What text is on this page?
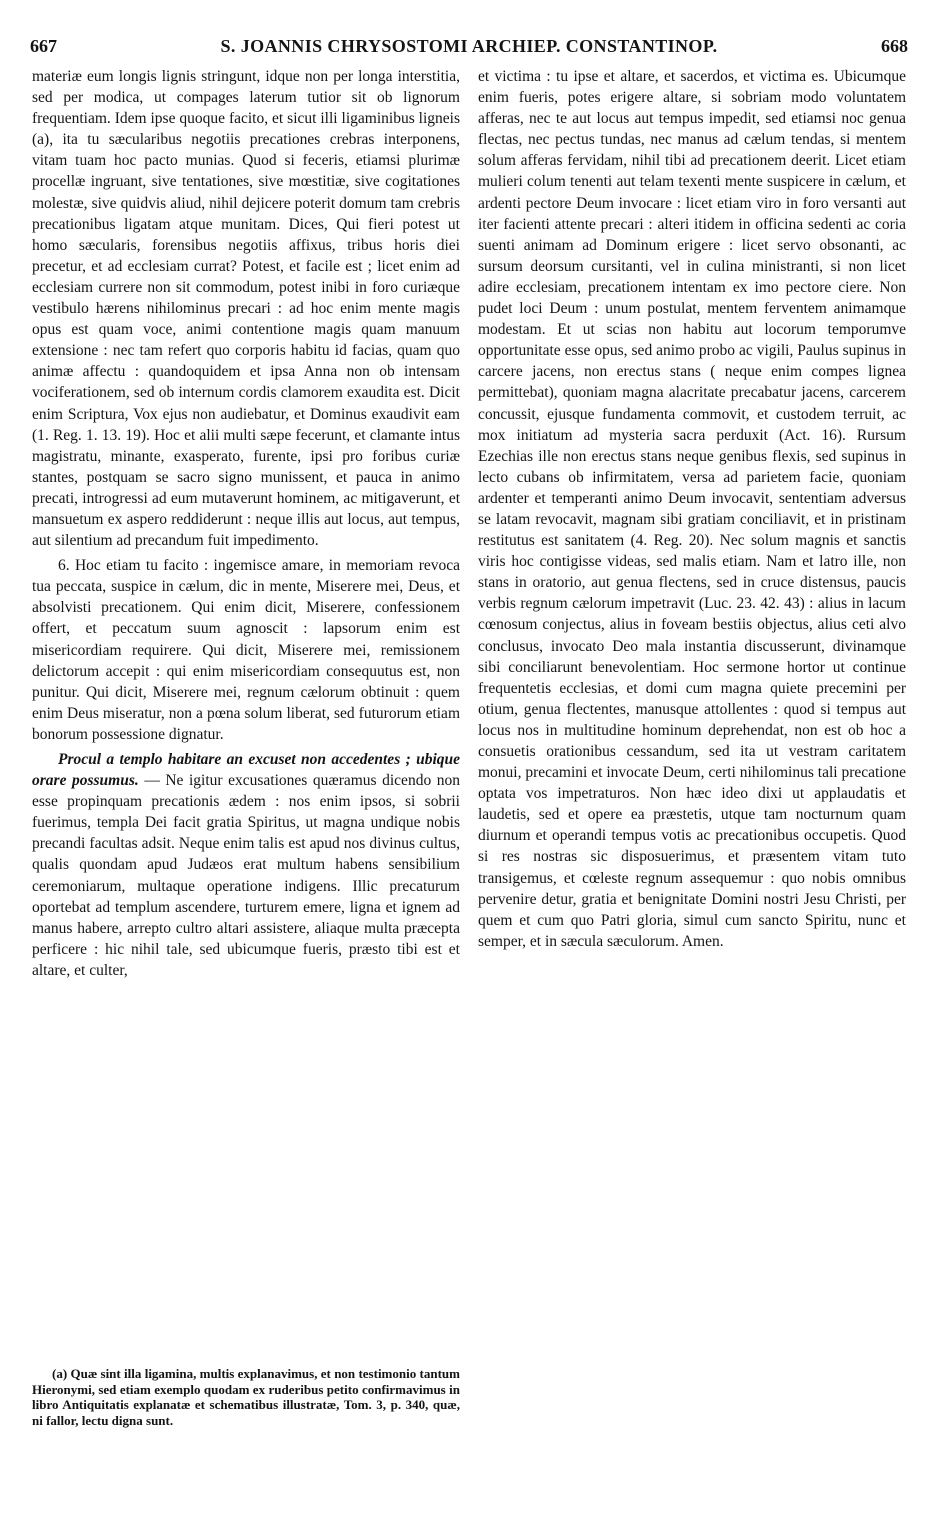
667	S. JOANNIS CHRYSOSTOMI ARCHIEP. CONSTANTINOP.	668

materiæ eum longis lignis stringunt, idque non per longa interstitia, sed per modica, ut compages laterum tutior sit ob lignorum frequentiam. Idem ipse quoque facito, et sicut illi ligaminibus ligneis (a), ita tu sæcularibus negotiis precationes crebras interponens, vitam tuam hoc pacto munias. Quod si feceris, etiamsi plurimæ procellæ ingruant, sive tentationes, sive mœstitiæ, sive cogitationes molestæ, sive quidvis aliud, nihil dejicere poterit domum tam crebris precationibus ligatam atque munitam. Dices, Qui fieri potest ut homo sæcularis, forensibus negotiis affixus, tribus horis diei precetur, et ad ecclesiam currat? Potest, et facile est ; licet enim ad ecclesiam currere non sit commodum, potest inibi in foro curiæque vestibulo hærens nihilominus precari : ad hoc enim mente magis opus est quam voce, animi contentione magis quam manuum extensione : nec tam refert quo corporis habitu id facias, quam quo animæ affectu : quandoquidem et ipsa Anna non ob intensam vociferationem, sed ob internum cordis clamorem exaudita est. Dicit enim Scriptura, Vox ejus non audiebatur, et Dominus exaudivit eam (1. Reg. 1. 13. 19). Hoc et alii multi sæpe fecerunt, et clamante intus magistratu, minante, exasperato, furente, ipsi pro foribus curiæ stantes, postquam se sacro signo munissent, et pauca in animo precati, introgressi ad eum mutaverunt hominem, ac mitigaverunt, et mansuetum ex aspero reddiderunt : neque illis aut locus, aut tempus, aut silentium ad precandum fuit impedimento.

6. Hoc etiam tu facito : ingemisce amare, in memoriam revoca tua peccata, suspice in cælum, dic in mente, Miserere mei, Deus, et absolvisti precationem. Qui enim dicit, Miserere, confessionem offert, et peccatum suum agnoscit : lapsorum enim est misericordiam requirere. Qui dicit, Miserere mei, remissionem delictorum accepit : qui enim misericordiam consequutus est, non punitur. Qui dicit, Miserere mei, regnum cælorum obtinuit : quem enim Deus miseratur, non a pœna solum liberat, sed futurorum etiam bonorum possessione dignatur.

Procul a templo habitare an excuset non accedentes ; ubique orare possumus. — Ne igitur excusationes quæramus dicendo non esse propinquam precationis ædem : nos enim ipsos, si sobrii fuerimus, templa Dei facit gratia Spiritus, ut magna undique nobis precandi facultas adsit. Neque enim talis est apud nos divinus cultus, qualis quondam apud Judæos erat multum habens sensibilium ceremoniarum, multaque operatione indigens. Illic precaturum oportebat ad templum ascendere, turturem emere, ligna et ignem ad manus habere, arrepto cultro altari assistere, aliaque multa præcepta perficere : hic nihil tale, sed ubicumque fueris, præsto tibi est et altare, et culter,

et victima : tu ipse et altare, et sacerdos, et victima es. Ubicumque enim fueris, potes erigere altare, si sobriam modo voluntatem afferas, nec te aut locus aut tempus impedit, sed etiamsi noc genua flectas, nec pectus tundas, nec manus ad cælum tendas, si mentem solum afferas fervidam, nihil tibi ad precationem deerit. Licet etiam mulieri colum tenenti aut telam texenti mente suspicere in cælum, et ardenti pectore Deum invocare : licet etiam viro in foro versanti aut iter facienti attente precari : alteri itidem in officina sedenti ac coria suenti animam ad Dominum erigere : licet servo obsonanti, ac sursum deorsum cursitanti, vel in culina ministranti, si non licet adire ecclesiam, precationem intentam ex imo pectore ciere. Non pudet loci Deum : unum postulat, mentem ferventem animamque modestam. Et ut scias non habitu aut locorum temporumve opportunitate esse opus, sed animo probo ac vigili, Paulus supinus in carcere jacens, non erectus stans ( neque enim compes lignea permittebat), quoniam magna alacritate precabatur jacens, carcerem concussit, ejusque fundamenta commovit, et custodem terruit, ac mox initiatum ad mysteria sacra perduxit (Act. 16). Rursum Ezechias ille non erectus stans neque genibus flexis, sed supinus in lecto cubans ob infirmitatem, versa ad parietem facie, quoniam ardenter et temperanti animo Deum invocavit, sententiam adversus se latam revocavit, magnam sibi gratiam conciliavit, et in pristinam restitutus est sanitatem (4. Reg. 20). Nec solum magnis et sanctis viris hoc contigisse videas, sed malis etiam. Nam et latro ille, non stans in oratorio, aut genua flectens, sed in cruce distensus, paucis verbis regnum cælorum impetravit (Luc. 23. 42. 43) : alius in lacum cœnosum conjectus, alius in foveam bestiis objectus, alius ceti alvo conclusus, invocato Deo mala instantia discusserunt, divinamque sibi conciliarunt benevolentiam. Hoc sermone hortor ut continue frequentetis ecclesias, et domi cum magna quiete precemini per otium, genua flectentes, manusque attollentes : quod si tempus aut locus nos in multitudine hominum deprehendat, non est ob hoc a consuetis orationibus cessandum, sed ita ut vestram caritatem monui, precamini et invocate Deum, certi nihilominus tali precatione optata vos impetraturos. Non hæc ideo dixi ut applaudatis et laudetis, sed et opere ea præstetis, utque tam nocturnum quam diurnum et operandi tempus votis ac precationibus occupetis. Quod si res nostras sic disposuerimus, et præsentem vitam tuto transigemus, et cœleste regnum assequemur : quo nobis omnibus pervenire detur, gratia et benignitate Domini nostri Jesu Christi, per quem et cum quo Patri gloria, simul cum sancto Spiritu, nunc et semper, et in sæcula sæculorum. Amen.

(a) Quæ sint illa ligamina, multis explanavimus, et non testimonio tantum Hieronymi, sed etiam exemplo quodam ex ruderibus petito confirmavimus in libro Antiquitatis explanatæ et schematibus illustratæ, Tom. 3, p. 340, quæ, ni fallor, lectu digna sunt.
